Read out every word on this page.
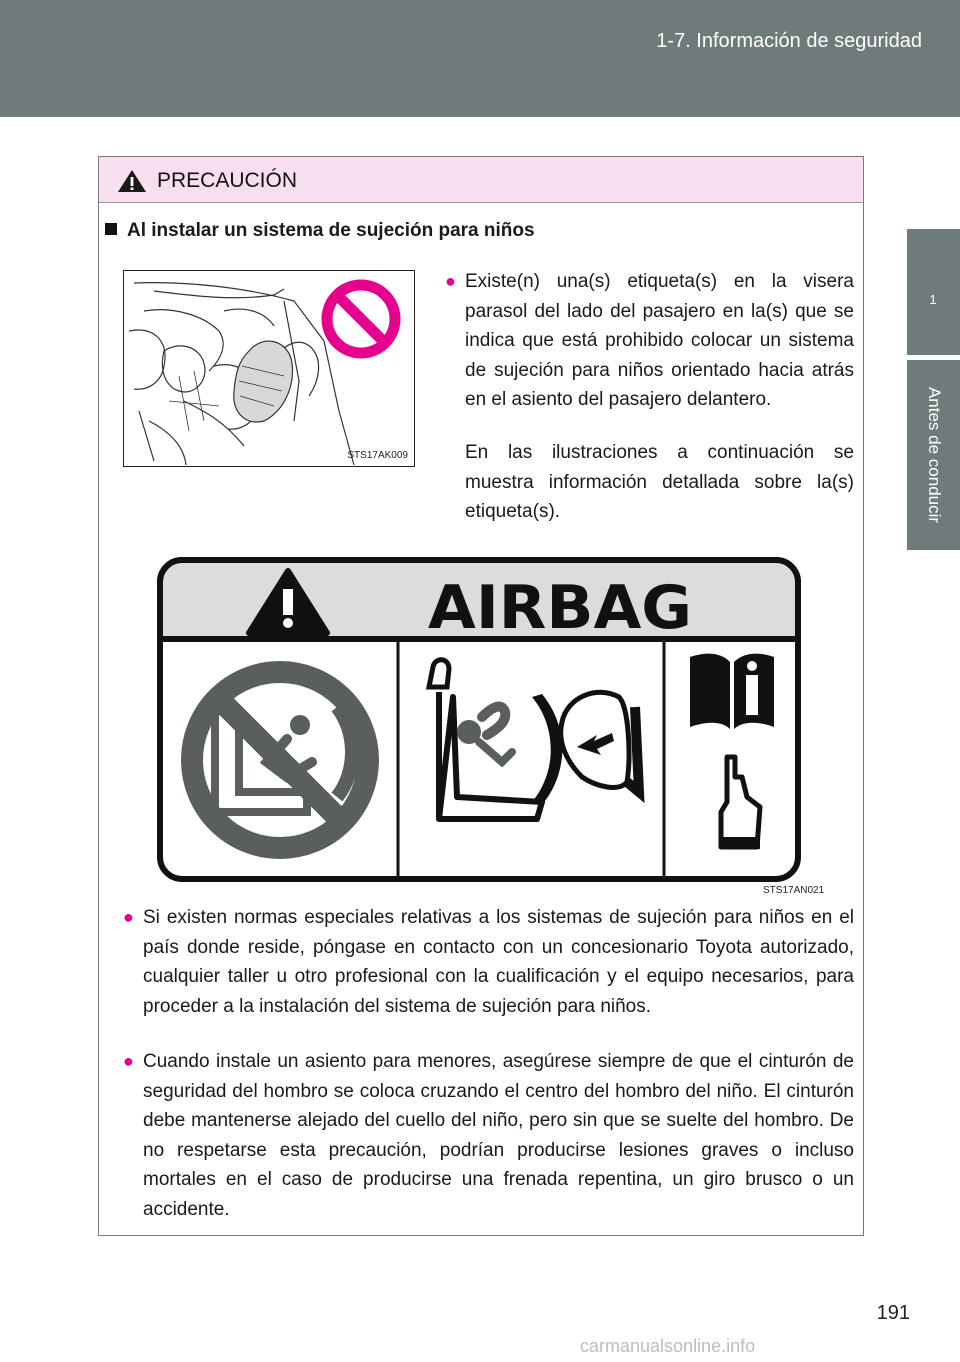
1-7. Información de seguridad
1
Antes de conducir
PRECAUCIÓN
Al instalar un sistema de sujeción para niños
STS17AK009
● Existe(n) una(s) etiqueta(s) en la visera parasol del lado del pasajero en la(s) que se indica que está prohibido colocar un sistema de sujeción para niños orientado hacia atrás en el asiento del pasajero delantero.
En las ilustraciones a continuación se muestra información detallada sobre la(s) etiqueta(s).
AIRBAG
STS17AN021
● Si existen normas especiales relativas a los sistemas de sujeción para niños en el país donde reside, póngase en contacto con un concesionario Toyota autorizado, cualquier taller u otro profesional con la cualificación y el equipo necesarios, para proceder a la instalación del sistema de sujeción para niños.
● Cuando instale un asiento para menores, asegúrese siempre de que el cinturón de seguridad del hombro se coloca cruzando el centro del hombro del niño. El cinturón debe mantenerse alejado del cuello del niño, pero sin que se suelte del hombro. De no respetarse esta precaución, podrían producirse lesiones graves o incluso mortales en el caso de producirse una frenada repentina, un giro brusco o un accidente.
191
carmanualsonline.info
